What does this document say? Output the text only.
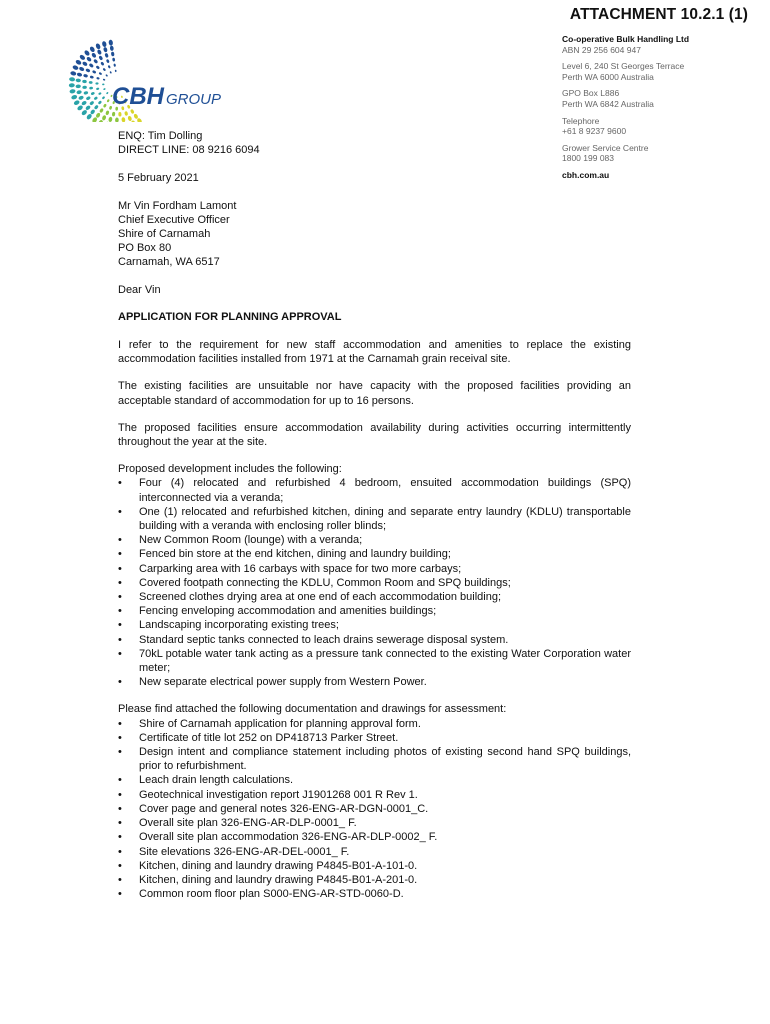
ATTACHMENT 10.2.1 (1)
CBH GROUP
Co-operative Bulk Handling Ltd
ABN 29 256 604 947
Level 6, 240 St Georges Terrace
Perth WA 6000 Australia
GPO Box L886
Perth WA 6842 Australia
Telephore
+61 8 9237 9600
Grower Service Centre
1800 199 083
cbh.com.au
ENQ: Tim Dolling
DIRECT LINE: 08 9216 6094
5 February 2021
Mr Vin Fordham Lamont
Chief Executive Officer
Shire of Carnamah
PO Box 80
Carnamah, WA 6517
Dear Vin
APPLICATION FOR PLANNING APPROVAL

I refer to the requirement for new staff accommodation and amenities to replace the existing accommodation facilities installed from 1971 at the Carnamah grain receival site.

The existing facilities are unsuitable nor have capacity with the proposed facilities providing an acceptable standard of accommodation for up to 16 persons.

The proposed facilities ensure accommodation availability during activities occurring intermittently throughout the year at the site.

Proposed development includes the following:

• Four (4) relocated and refurbished 4 bedroom, ensuited accommodation buildings (SPQ) interconnected via a veranda;
• One (1) relocated and refurbished kitchen, dining and separate entry laundry (KDLU) transportable building with a veranda with enclosing roller blinds;
• New Common Room (lounge) with a veranda;
• Fenced bin store at the end kitchen, dining and laundry building;
• Carparking area with 16 carbays with space for two more carbays;
• Covered footpath connecting the KDLU, Common Room and SPQ buildings;
• Screened clothes drying area at one end of each accommodation building;
• Fencing enveloping accommodation and amenities buildings;
• Landscaping incorporating existing trees;
• Standard septic tanks connected to leach drains sewerage disposal system.
• 70kL potable water tank acting as a pressure tank connected to the existing Water Corporation water meter;
• New separate electrical power supply from Western Power.

Please find attached the following documentation and drawings for assessment:

• Shire of Carnamah application for planning approval form.
• Certificate of title lot 252 on DP418713 Parker Street.
• Design intent and compliance statement including photos of existing second hand SPQ buildings, prior to refurbishment.
• Leach drain length calculations.
• Geotechnical investigation report J1901268 001 R Rev 1.
• Cover page and general notes 326-ENG-AR-DGN-0001_C.
• Overall site plan 326-ENG-AR-DLP-0001_ F.
• Overall site plan accommodation 326-ENG-AR-DLP-0002_ F.
• Site elevations 326-ENG-AR-DEL-0001_ F.
• Kitchen, dining and laundry drawing P4845-B01-A-101-0.
• Kitchen, dining and laundry drawing P4845-B01-A-201-0.
• Common room floor plan S000-ENG-AR-STD-0060-D.
